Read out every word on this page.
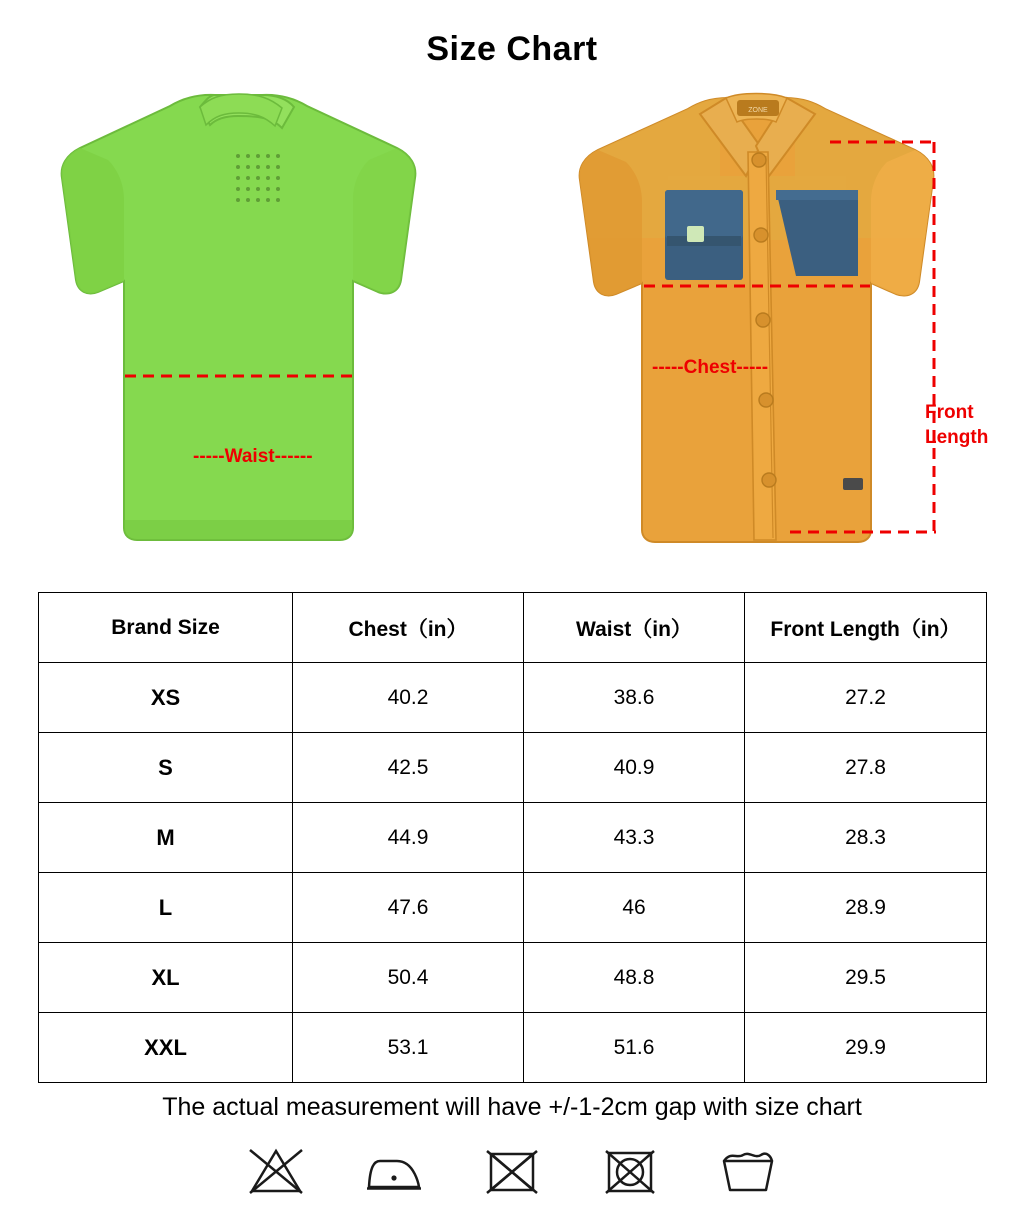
Size Chart
ZONE
-----Waist------
-----Chest-----
Front
Length
Brand Size	Chest（in）	Waist（in）	Front Length（in）
XS	40.2	38.6	27.2
S	42.5	40.9	27.8
M	44.9	43.3	28.3
L	47.6	46	28.9
XL	50.4	48.8	29.5
XXL	53.1	51.6	29.9
The actual measurement will have +/-1-2cm gap with size chart
